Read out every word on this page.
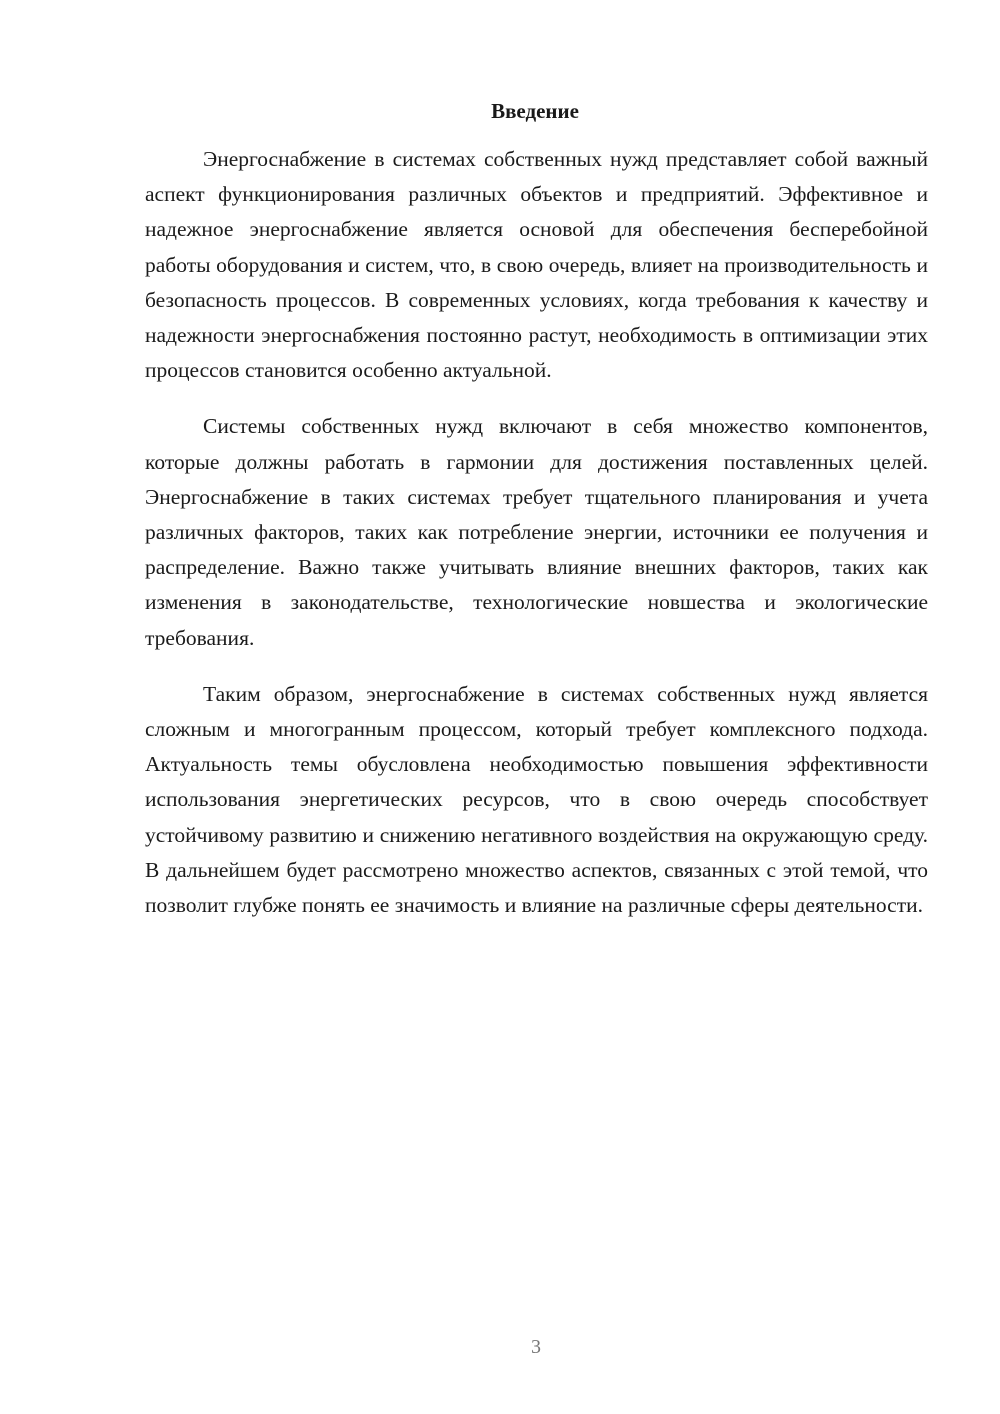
Введение

Энергоснабжение в системах собственных нужд представляет собой важный аспект функционирования различных объектов и предприятий. Эффективное и надежное энергоснабжение является основой для обеспечения бесперебойной работы оборудования и систем, что, в свою очередь, влияет на производительность и безопасность процессов. В современных условиях, когда требования к качеству и надежности энергоснабжения постоянно растут, необходимость в оптимизации этих процессов становится особенно актуальной.

Системы собственных нужд включают в себя множество компонентов, которые должны работать в гармонии для достижения поставленных целей. Энергоснабжение в таких системах требует тщательного планирования и учета различных факторов, таких как потребление энергии, источники ее получения и распределение. Важно также учитывать влияние внешних факторов, таких как изменения в законодательстве, технологические новшества и экологические требования.

Таким образом, энергоснабжение в системах собственных нужд является сложным и многогранным процессом, который требует комплексного подхода. Актуальность темы обусловлена необходимостью повышения эффективности использования энергетических ресурсов, что в свою очередь способствует устойчивому развитию и снижению негативного воздействия на окружающую среду. В дальнейшем будет рассмотрено множество аспектов, связанных с этой темой, что позволит глубже понять ее значимость и влияние на различные сферы деятельности.

3
